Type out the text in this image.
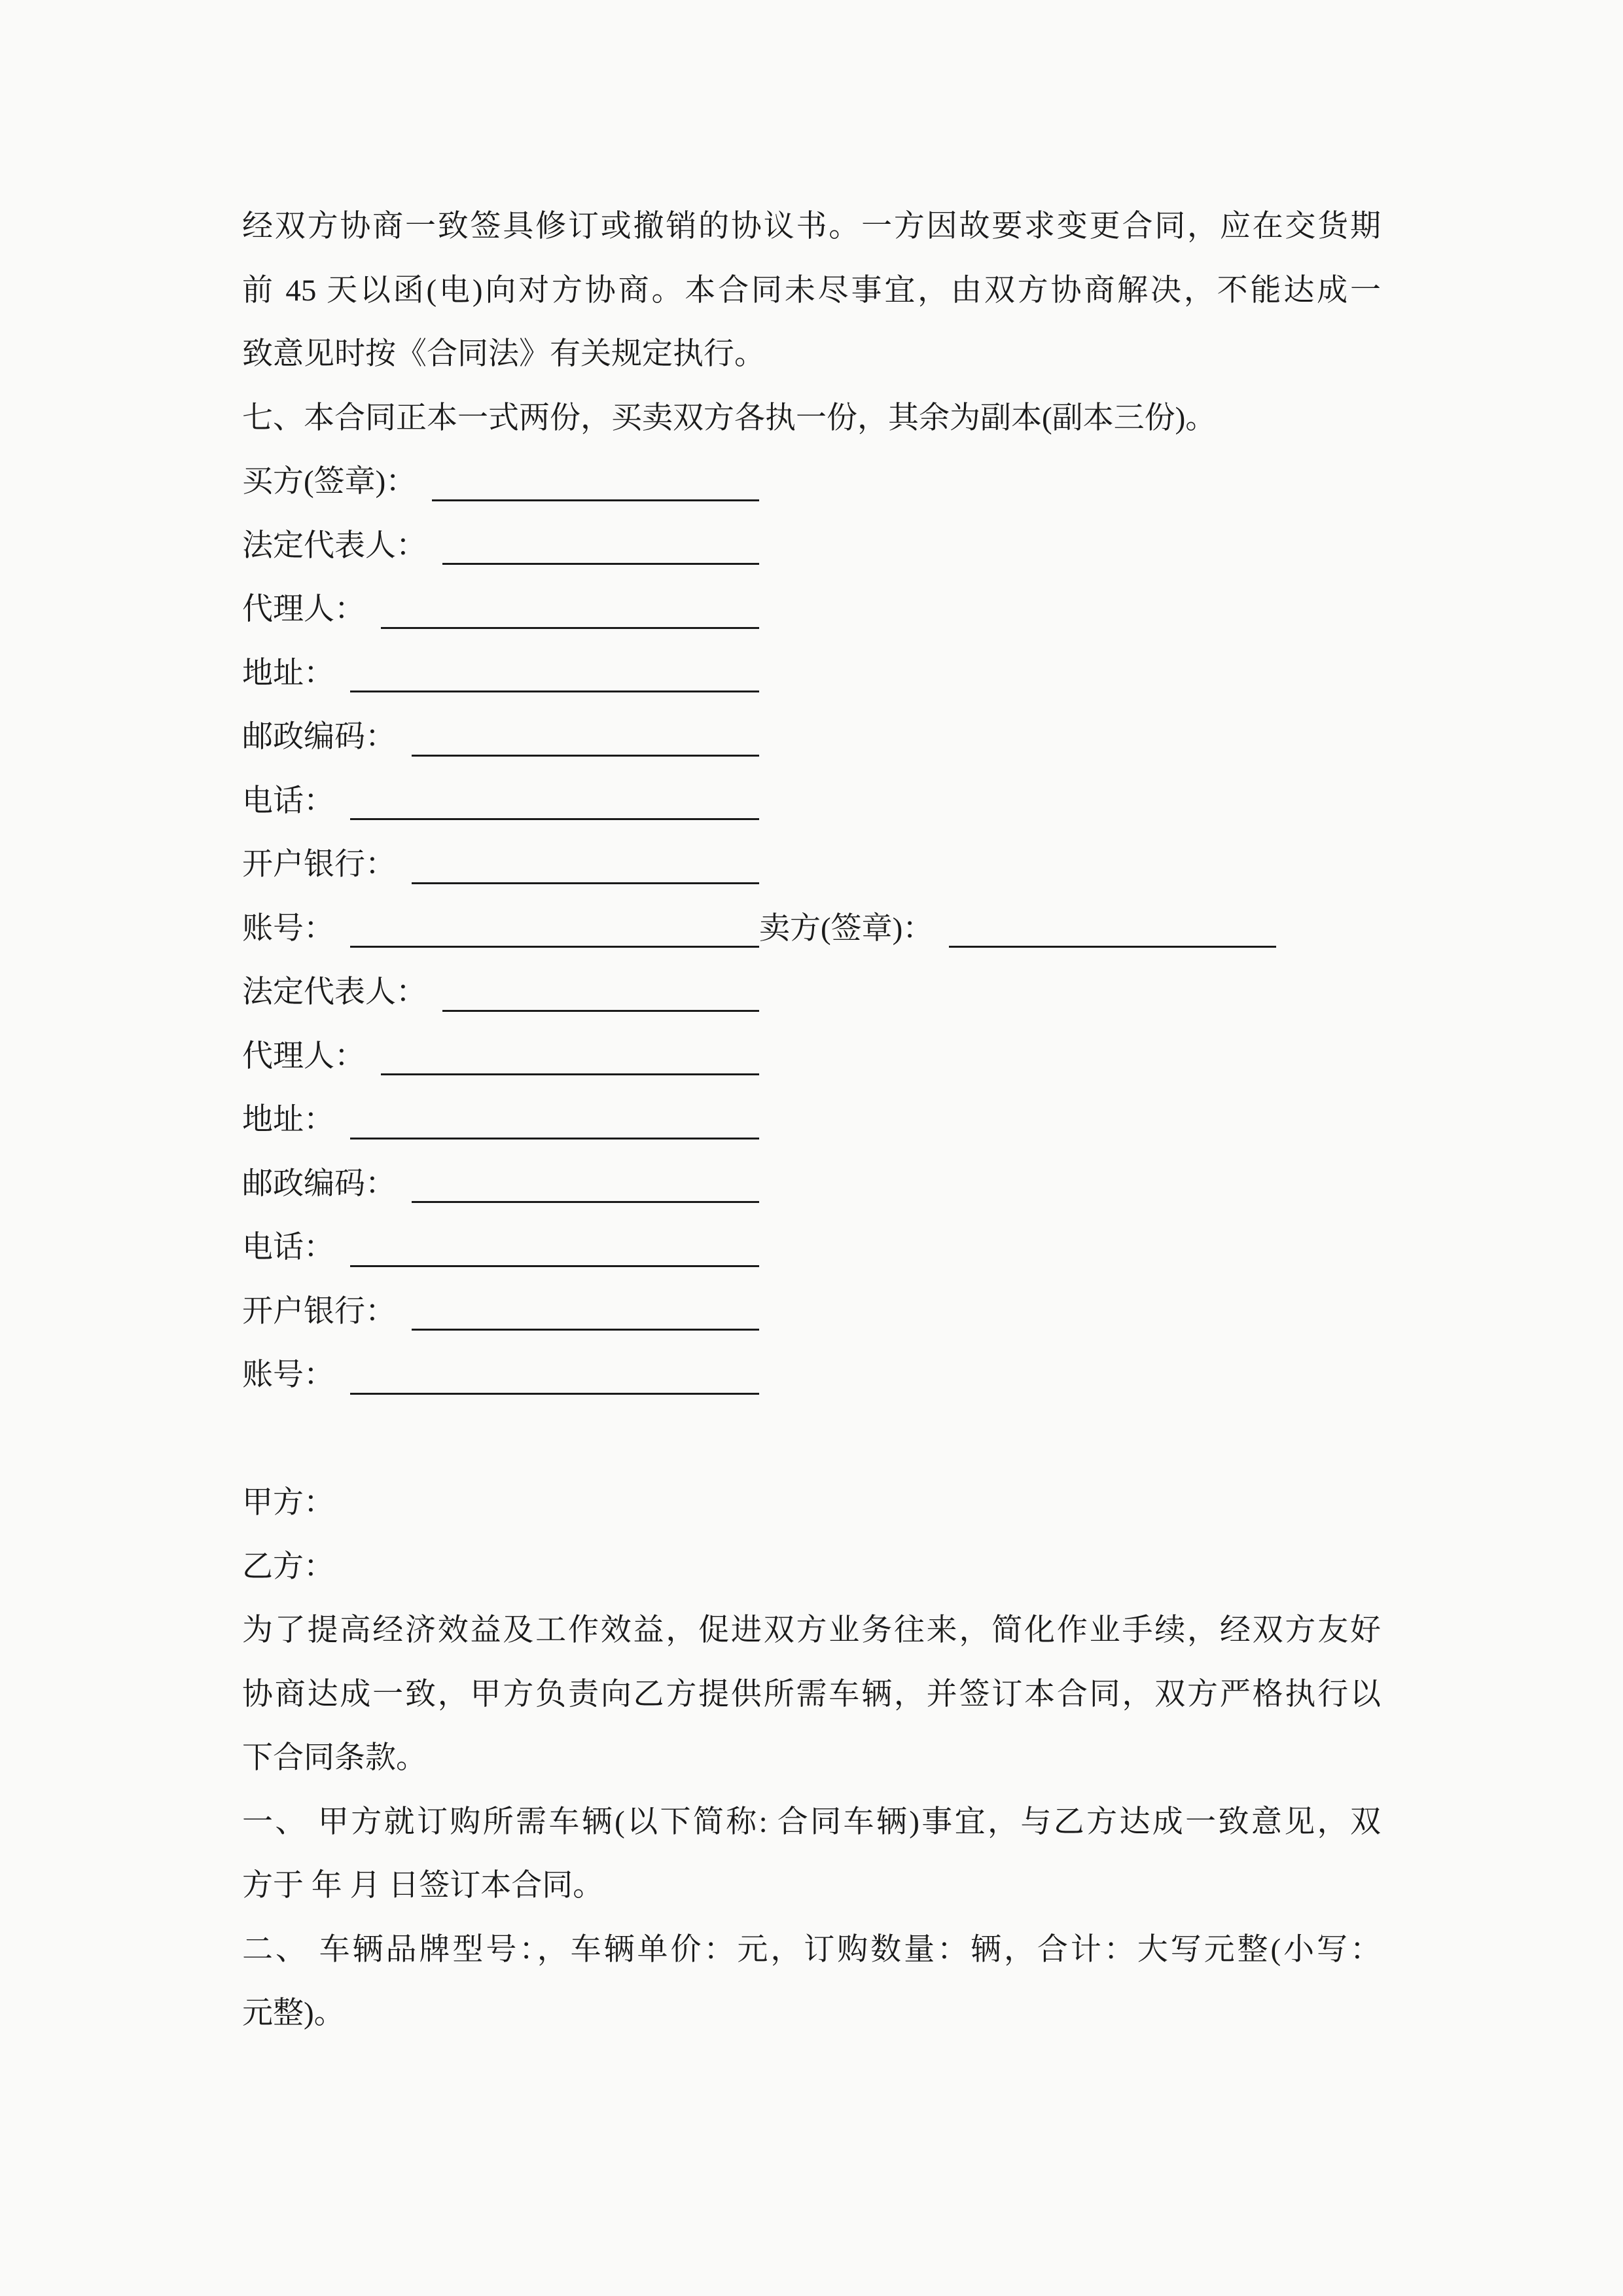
经双方协商一致签具修订或撤销的协议书。一方因故要求变更合同，应在交货期
前 45 天以函(电)向对方协商。本合同未尽事宜，由双方协商解决，不能达成一
致意见时按《合同法》有关规定执行。
七、本合同正本一式两份，买卖双方各执一份，其余为副本(副本三份)。
买方(签章)：
法定代表人：
代理人：
地址：
邮政编码：
电话：
开户银行：
账号：	卖方(签章)：
法定代表人：
代理人：
地址：
邮政编码：
电话：
开户银行：
账号：
甲方：
乙方：
为了提高经济效益及工作效益，促进双方业务往来，简化作业手续，经双方友好
协商达成一致，甲方负责向乙方提供所需车辆，并签订本合同，双方严格执行以
下合同条款。
一、 甲方就订购所需车辆(以下简称: 合同车辆)事宜，与乙方达成一致意见，双
方于 年 月 日签订本合同。
二、 车辆品牌型号：，车辆单价：元，订购数量：辆，合计：大写元整(小写：
元整)。
